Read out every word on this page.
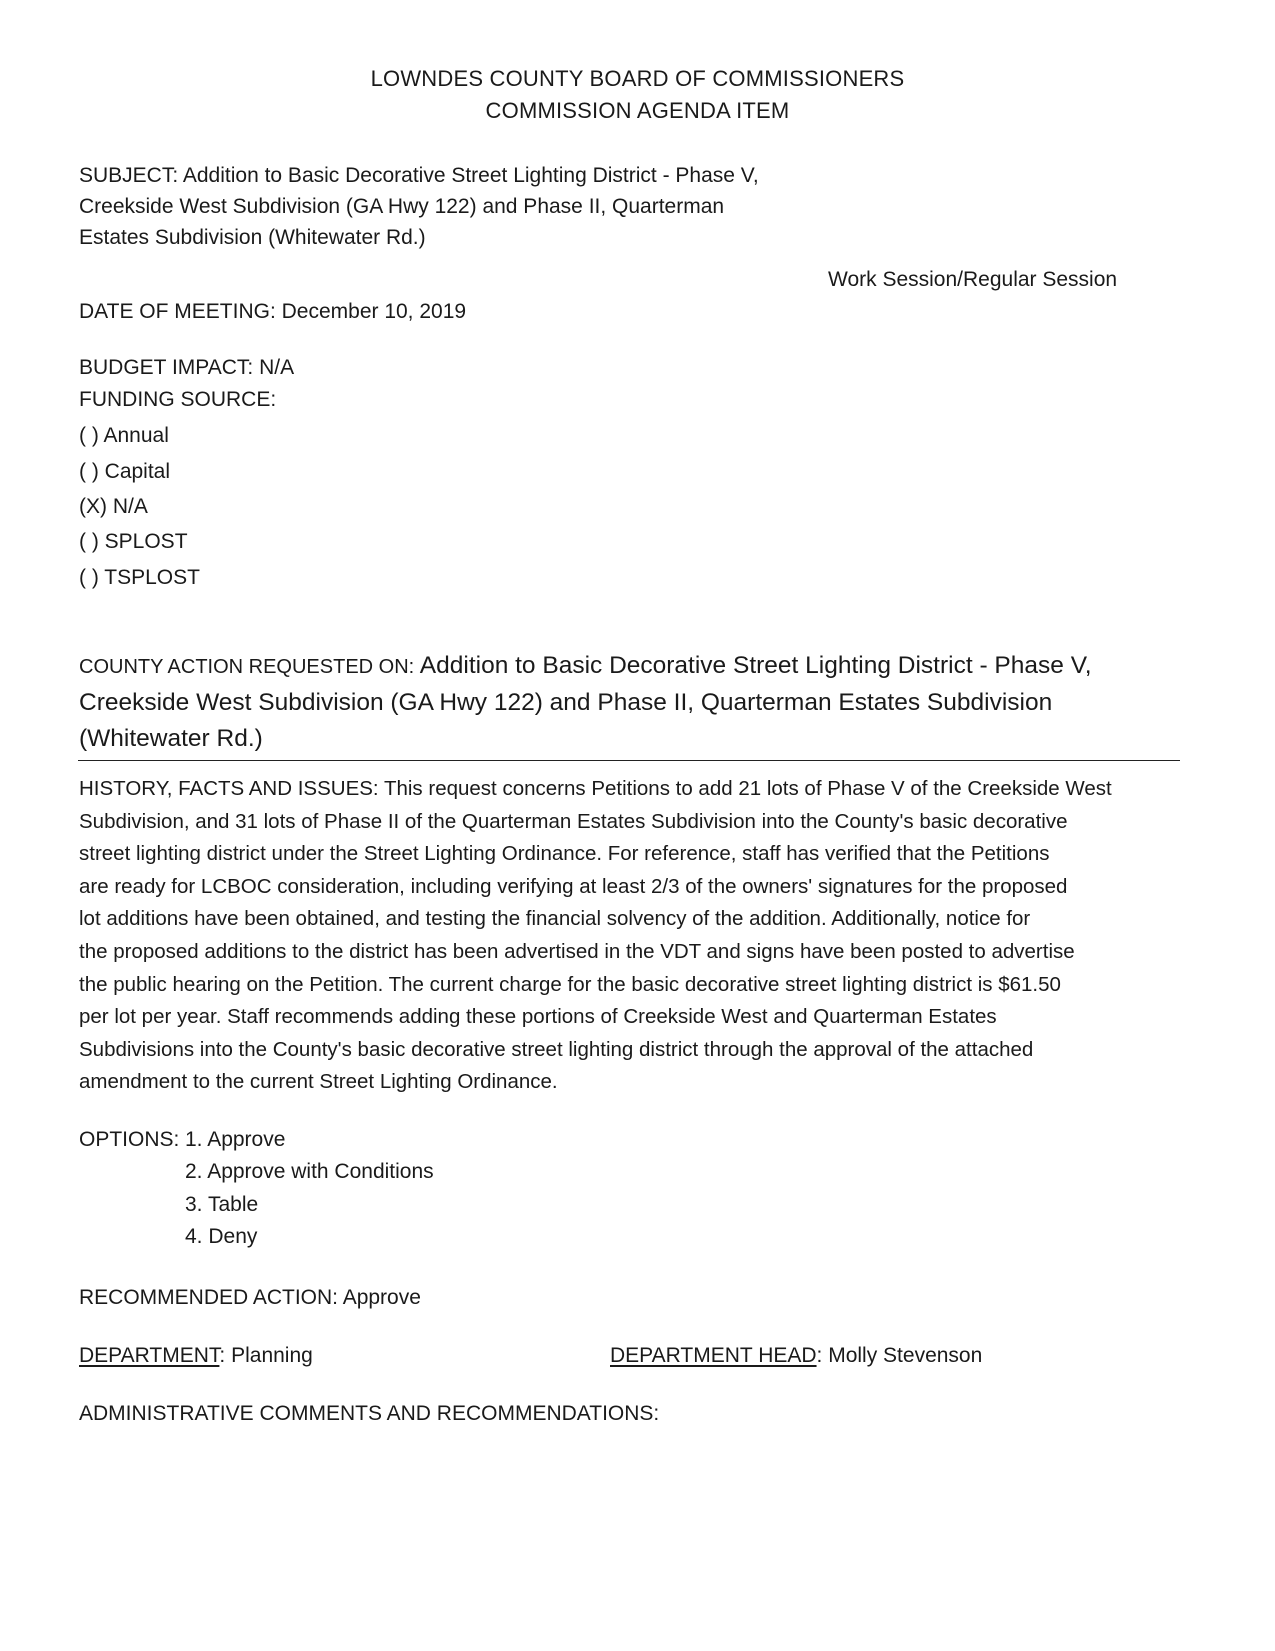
LOWNDES COUNTY BOARD OF COMMISSIONERS
COMMISSION AGENDA ITEM
SUBJECT: Addition to Basic Decorative Street Lighting District - Phase V,
Creekside West Subdivision (GA Hwy 122) and Phase II, Quarterman
Estates Subdivision (Whitewater Rd.)
Work Session/Regular Session
DATE OF MEETING: December 10, 2019
BUDGET IMPACT: N/A
FUNDING SOURCE:
( ) Annual
( ) Capital
(X) N/A
( ) SPLOST
( ) TSPLOST
COUNTY ACTION REQUESTED ON: Addition to Basic Decorative Street Lighting District - Phase V,
Creekside West Subdivision (GA Hwy 122) and Phase II, Quarterman Estates Subdivision
(Whitewater Rd.)
HISTORY, FACTS AND ISSUES: This request concerns Petitions to add 21 lots of Phase V of the Creekside West
Subdivision, and 31 lots of Phase II of the Quarterman Estates Subdivision into the County's basic decorative
street lighting district under the Street Lighting Ordinance. For reference, staff has verified that the Petitions
are ready for LCBOC consideration, including verifying at least 2/3 of the owners' signatures for the proposed
lot additions have been obtained, and testing the financial solvency of the addition. Additionally, notice for
the proposed additions to the district has been advertised in the VDT and signs have been posted to advertise
the public hearing on the Petition. The current charge for the basic decorative street lighting district is $61.50
per lot per year. Staff recommends adding these portions of Creekside West and Quarterman Estates
Subdivisions into the County's basic decorative street lighting district through the approval of the attached
amendment to the current Street Lighting Ordinance.
OPTIONS: 1. Approve
2. Approve with Conditions
3. Table
4. Deny
RECOMMENDED ACTION: Approve
DEPARTMENT: Planning	DEPARTMENT HEAD: Molly Stevenson
ADMINISTRATIVE COMMENTS AND RECOMMENDATIONS:
